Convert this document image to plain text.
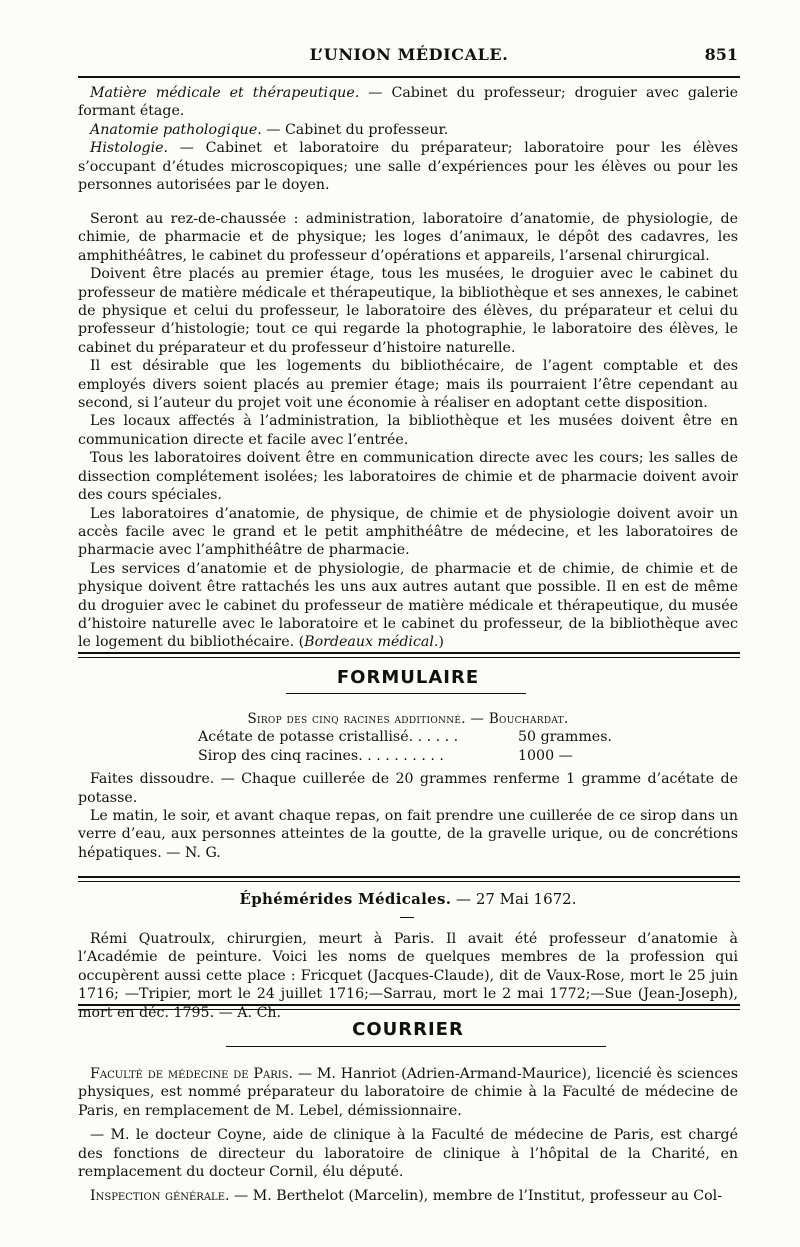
L’UNION MÉDICALE.	851

Matière médicale et thérapeutique. — Cabinet du professeur; droguier avec galerie formant étage.

Anatomie pathologique. — Cabinet du professeur.

Histologie. — Cabinet et laboratoire du préparateur; laboratoire pour les élèves s’occupant d’études microscopiques; une salle d’expériences pour les élèves ou pour les personnes autorisées par le doyen.

Seront au rez-de-chaussée : administration, laboratoire d’anatomie, de physiologie, de chimie, de pharmacie et de physique; les loges d’animaux, le dépôt des cadavres, les amphithéâtres, le cabinet du professeur d’opérations et appareils, l’arsenal chirurgical.

Doivent être placés au premier étage, tous les musées, le droguier avec le cabinet du professeur de matière médicale et thérapeutique, la bibliothèque et ses annexes, le cabinet de physique et celui du professeur, le laboratoire des élèves, du préparateur et celui du professeur d’histologie; tout ce qui regarde la photographie, le laboratoire des élèves, le cabinet du préparateur et du professeur d’histoire naturelle.

Il est désirable que les logements du bibliothécaire, de l’agent comptable et des employés divers soient placés au premier étage; mais ils pourraient l’être cependant au second, si l’auteur du projet voit une économie à réaliser en adoptant cette disposition.

Les locaux affectés à l’administration, la bibliothèque et les musées doivent être en communication directe et facile avec l’entrée.

Tous les laboratoires doivent être en communication directe avec les cours; les salles de dissection complétement isolées; les laboratoires de chimie et de pharmacie doivent avoir des cours spéciales.

Les laboratoires d’anatomie, de physique, de chimie et de physiologie doivent avoir un accès facile avec le grand et le petit amphithéâtre de médecine, et les laboratoires de pharmacie avec l’amphithéâtre de pharmacie.

Les services d’anatomie et de physiologie, de pharmacie et de chimie, de chimie et de physique doivent être rattachés les uns aux autres autant que possible. Il en est de même du droguier avec le cabinet du professeur de matière médicale et thérapeutique, du musée d’histoire naturelle avec le laboratoire et le cabinet du professeur, de la bibliothèque avec le logement du bibliothécaire. (Bordeaux médical.)

FORMULAIRE
Sirop des cinq racines additionné. — Bouchardat.
Acétate de potasse cristallisé. . . . . .	50 grammes.
Sirop des cinq racines. . . . . . . . . .	1000 —

Faites dissoudre. — Chaque cuillerée de 20 grammes renferme 1 gramme d’acétate de potasse.

Le matin, le soir, et avant chaque repas, on fait prendre une cuillerée de ce sirop dans un verre d’eau, aux personnes atteintes de la goutte, de la gravelle urique, ou de concrétions hépatiques. — N. G.

Éphémérides Médicales. — 27 Mai 1672.

Rémi Quatroulx, chirurgien, meurt à Paris. Il avait été professeur d’anatomie à l’Académie de peinture. Voici les noms de quelques membres de la profession qui occupèrent aussi cette place : Fricquet (Jacques-Claude), dit de Vaux-Rose, mort le 25 juin 1716; —Tripier, mort le 24 juillet 1716;—Sarrau, mort le 2 mai 1772;—Sue (Jean-Joseph), mort en déc. 1795. — A. Ch.

COURRIER

Faculté de médecine de Paris. — M. Hanriot (Adrien-Armand-Maurice), licencié ès sciences physiques, est nommé préparateur du laboratoire de chimie à la Faculté de médecine de Paris, en remplacement de M. Lebel, démissionnaire.

— M. le docteur Coyne, aide de clinique à la Faculté de médecine de Paris, est chargé des fonctions de directeur du laboratoire de clinique à l’hôpital de la Charité, en remplacement du docteur Cornil, élu député.

Inspection générale. — M. Berthelot (Marcelin), membre de l’Institut, professeur au Col-
